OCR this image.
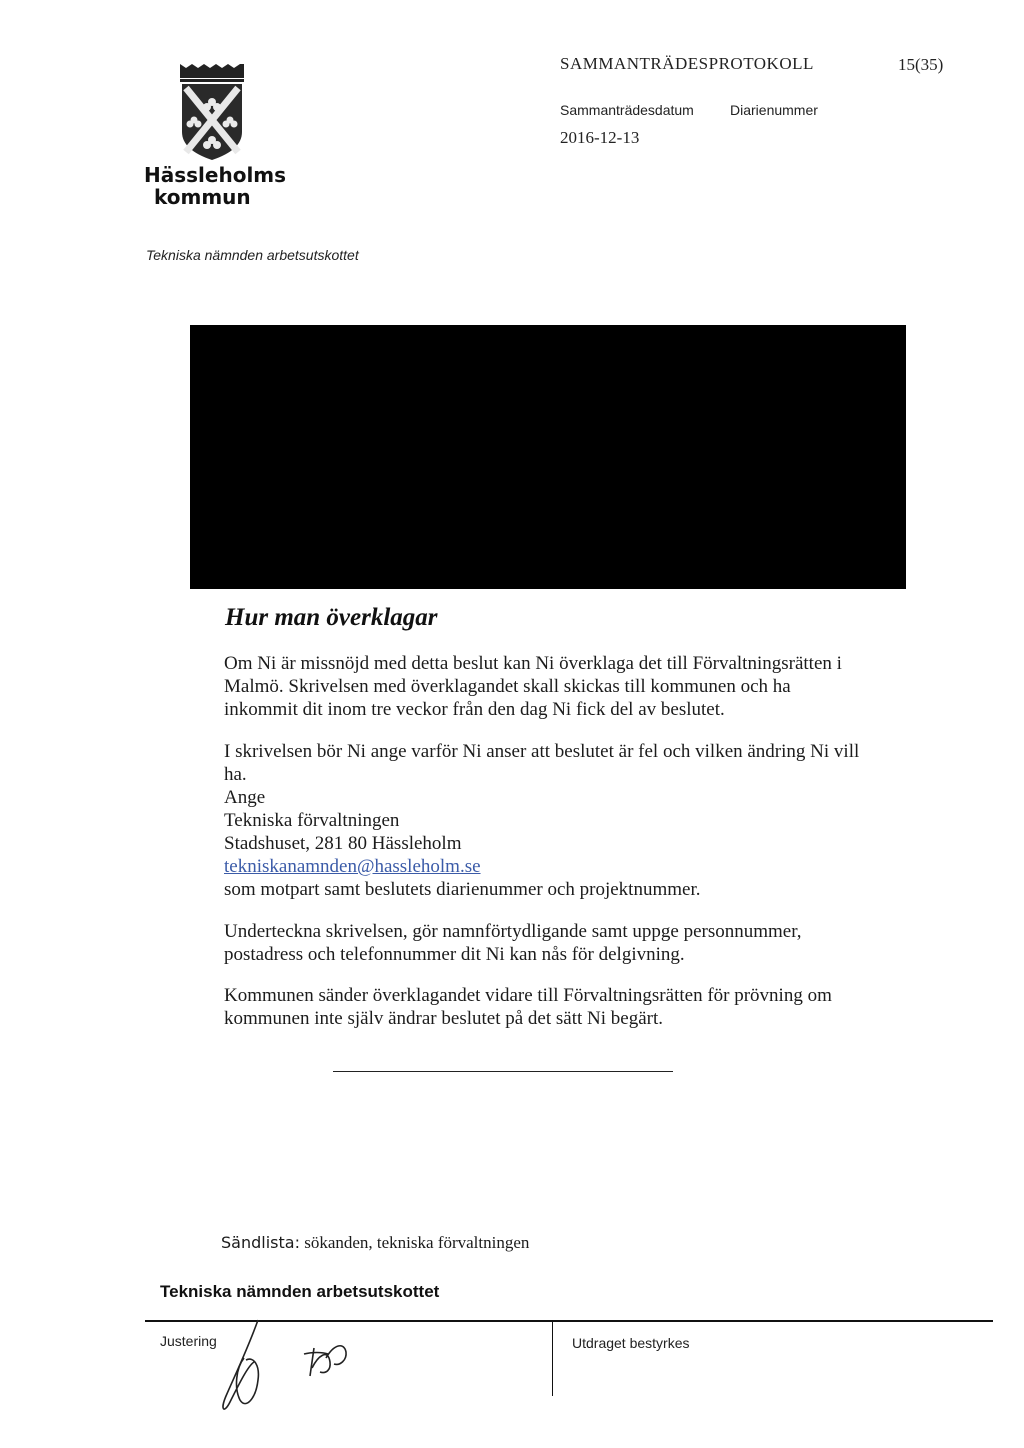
Hässleholms
kommun
SAMMANTRÄDESPROTOKOLL	15(35)
Sammanträdesdatum	Diarienummer
2016-12-13
Tekniska nämnden arbetsutskottet
Hur man överklagar

Om Ni är missnöjd med detta beslut kan Ni överklaga det till Förvaltningsrätten i Malmö. Skrivelsen med överklagandet skall skickas till kommunen och ha inkommit dit inom tre veckor från den dag Ni fick del av beslutet.

I skrivelsen bör Ni ange varför Ni anser att beslutet är fel och vilken ändring Ni vill ha.

Ange

Tekniska förvaltningen

Stadshuset, 281 80 Hässleholm

tekniskanamnden@hassleholm.se

som motpart samt beslutets diarienummer och projektnummer.

Underteckna skrivelsen, gör namnförtydligande samt uppge personnummer, postadress och telefonnummer dit Ni kan nås för delgivning.

Kommunen sänder överklagandet vidare till Förvaltningsrätten för prövning om kommunen inte själv ändrar beslutet på det sätt Ni begärt.

Sändlista: sökanden, tekniska förvaltningen
Tekniska nämnden arbetsutskottet
Justering	Utdraget bestyrkes
